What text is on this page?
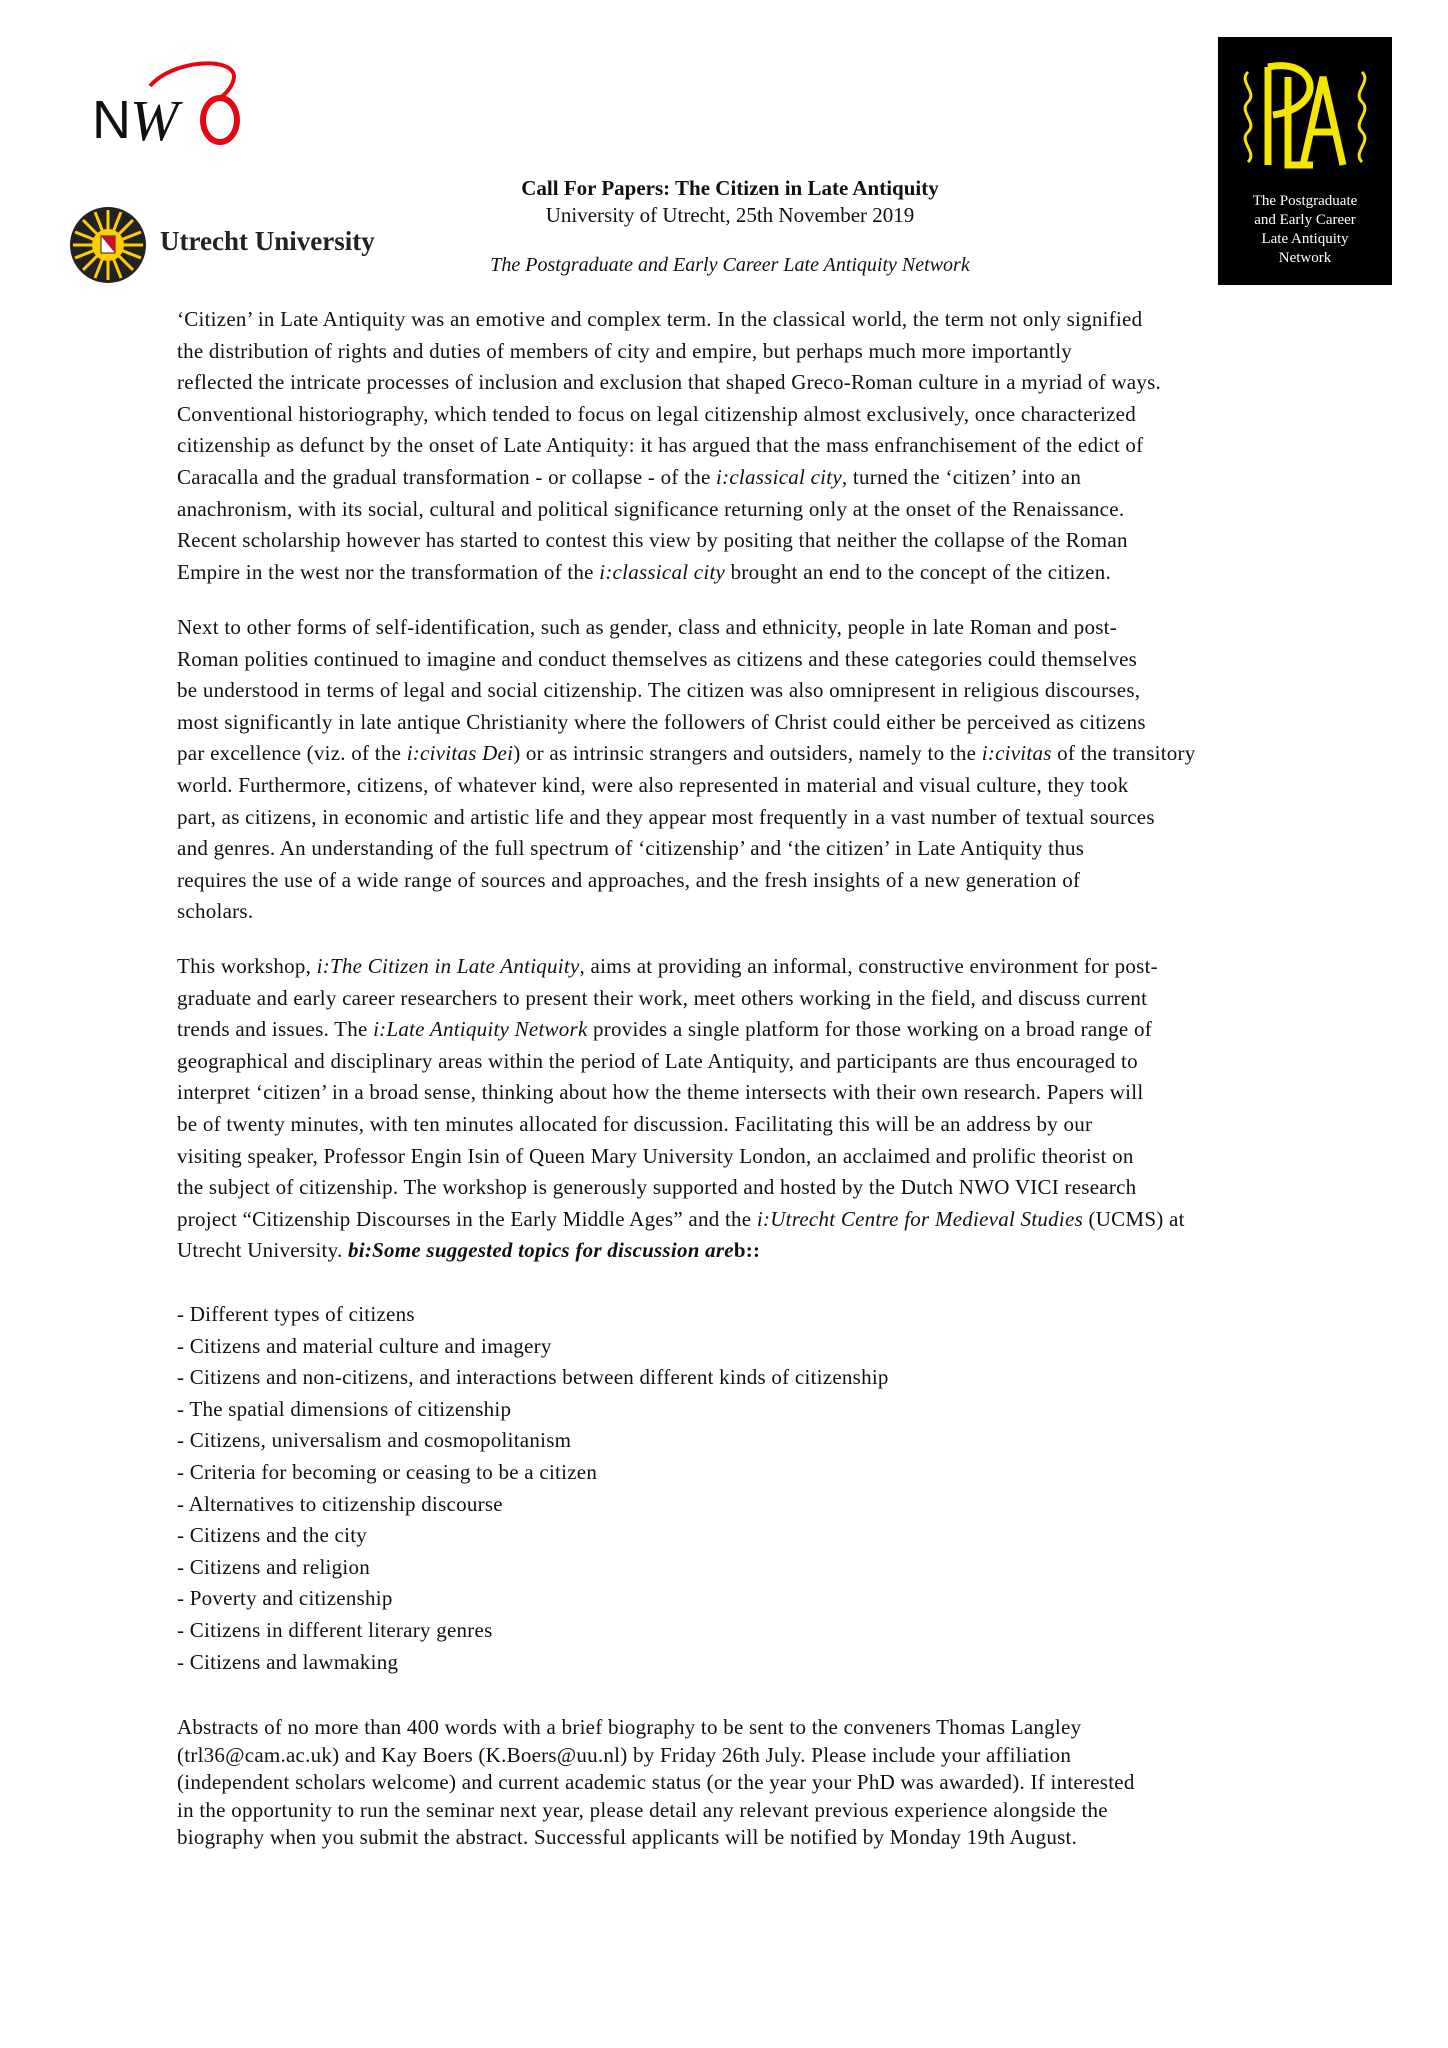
N W
Utrecht University
The Postgraduate
and Early Career
Late Antiquity
Network
Call For Papers: The Citizen in Late Antiquity
University of Utrecht, 25th November 2019
The Postgraduate and Early Career Late Antiquity Network
‘Citizen’ in Late Antiquity was an emotive and complex term. In the classical world, the term not only signified
the distribution of rights and duties of members of city and empire, but perhaps much more importantly
reflected the intricate processes of inclusion and exclusion that shaped Greco-Roman culture in a myriad of ways.
Conventional historiography, which tended to focus on legal citizenship almost exclusively, once characterized
citizenship as defunct by the onset of Late Antiquity: it has argued that the mass enfranchisement of the edict of
Caracalla and the gradual transformation - or collapse - of the i:classical city, turned the ‘citizen’ into an
anachronism, with its social, cultural and political significance returning only at the onset of the Renaissance.
Recent scholarship however has started to contest this view by positing that neither the collapse of the Roman
Empire in the west nor the transformation of the i:classical city brought an end to the concept of the citizen.
Next to other forms of self-identification, such as gender, class and ethnicity, people in late Roman and post-
Roman polities continued to imagine and conduct themselves as citizens and these categories could themselves
be understood in terms of legal and social citizenship. The citizen was also omnipresent in religious discourses,
most significantly in late antique Christianity where the followers of Christ could either be perceived as citizens
par excellence (viz. of the i:civitas Dei) or as intrinsic strangers and outsiders, namely to the i:civitas of the transitory
world. Furthermore, citizens, of whatever kind, were also represented in material and visual culture, they took
part, as citizens, in economic and artistic life and they appear most frequently in a vast number of textual sources
and genres. An understanding of the full spectrum of ‘citizenship’ and ‘the citizen’ in Late Antiquity thus
requires the use of a wide range of sources and approaches, and the fresh insights of a new generation of
scholars.
This workshop, i:The Citizen in Late Antiquity, aims at providing an informal, constructive environment for post-
graduate and early career researchers to present their work, meet others working in the field, and discuss current
trends and issues. The i:Late Antiquity Network provides a single platform for those working on a broad range of
geographical and disciplinary areas within the period of Late Antiquity, and participants are thus encouraged to
interpret ‘citizen’ in a broad sense, thinking about how the theme intersects with their own research. Papers will
be of twenty minutes, with ten minutes allocated for discussion. Facilitating this will be an address by our
visiting speaker, Professor Engin Isin of Queen Mary University London, an acclaimed and prolific theorist on
the subject of citizenship. The workshop is generously supported and hosted by the Dutch NWO VICI research
project “Citizenship Discourses in the Early Middle Ages” and the i:Utrecht Centre for Medieval Studies (UCMS) at
Utrecht University. bi:Some suggested topics for discussion areb::
- Different types of citizens
- Citizens and material culture and imagery
- Citizens and non-citizens, and interactions between different kinds of citizenship
- The spatial dimensions of citizenship
- Citizens, universalism and cosmopolitanism
- Criteria for becoming or ceasing to be a citizen
- Alternatives to citizenship discourse
- Citizens and the city
- Citizens and religion
- Poverty and citizenship
- Citizens in different literary genres
- Citizens and lawmaking
Abstracts of no more than 400 words with a brief biography to be sent to the conveners Thomas Langley
(trl36@cam.ac.uk) and Kay Boers (K.Boers@uu.nl) by Friday 26th July. Please include your affiliation
(independent scholars welcome) and current academic status (or the year your PhD was awarded). If interested
in the opportunity to run the seminar next year, please detail any relevant previous experience alongside the
biography when you submit the abstract. Successful applicants will be notified by Monday 19th August.
